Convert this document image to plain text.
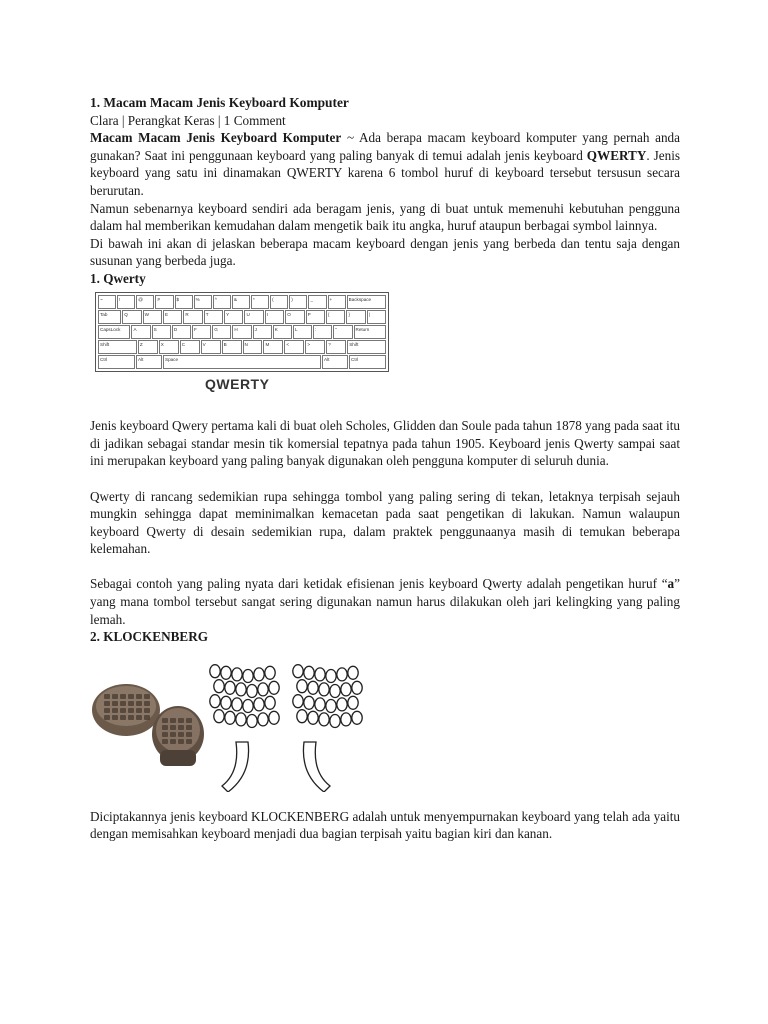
1. Macam Macam Jenis Keyboard Komputer

Clara | Perangkat Keras | 1 Comment

Macam Macam Jenis Keyboard Komputer ~ Ada berapa macam keyboard komputer yang pernah anda gunakan? Saat ini penggunaan keyboard yang paling banyak di temui adalah jenis keyboard QWERTY. Jenis keyboard yang satu ini dinamakan QWERTY karena 6 tombol huruf di keyboard tersebut tersusun secara berurutan.

Namun sebenarnya keyboard sendiri ada beragam jenis, yang di buat untuk memenuhi kebutuhan pengguna dalam hal memberikan kemudahan dalam mengetik baik itu angka, huruf ataupun berbagai symbol lainnya.

Di bawah ini akan di jelaskan beberapa macam keyboard dengan jenis yang berbeda dan tentu saja dengan susunan yang berbeda juga.

1. Qwerty

~	!	@	#	$	%	^	&	*	(	)	_	+	Backspace
Tab	Q	W	E	R	T	Y	U	I	O	P	{	}	|
CapsLock	A	S	D	F	G	H	J	K	L	:	"	Return
Shift	Z	X	C	V	B	N	M	<	>	?	Shift
Ctrl	Alt	Space	Alt	Ctrl
QWERTY

Jenis keyboard Qwery pertama kali di buat oleh Scholes, Glidden dan Soule pada tahun 1878 yang pada saat itu di jadikan sebagai standar mesin tik komersial tepatnya pada tahun 1905. Keyboard jenis Qwerty sampai saat ini merupakan keyboard yang paling banyak digunakan oleh pengguna komputer di seluruh dunia.

Qwerty di rancang sedemikian rupa sehingga tombol yang paling sering di tekan, letaknya terpisah sejauh mungkin sehingga dapat meminimalkan kemacetan pada saat pengetikan di lakukan. Namun walaupun keyboard Qwerty di desain sedemikian rupa, dalam praktek penggunaanya masih di temukan beberapa kelemahan.

Sebagai contoh yang paling nyata dari ketidak efisienan jenis keyboard Qwerty adalah pengetikan huruf “a” yang mana tombol tersebut sangat sering digunakan namun harus dilakukan oleh jari kelingking yang paling lemah.

2. KLOCKENBERG

Diciptakannya jenis keyboard KLOCKENBERG adalah untuk menyempurnakan keyboard yang telah ada yaitu dengan memisahkan keyboard menjadi dua bagian terpisah yaitu bagian kiri dan kanan.
